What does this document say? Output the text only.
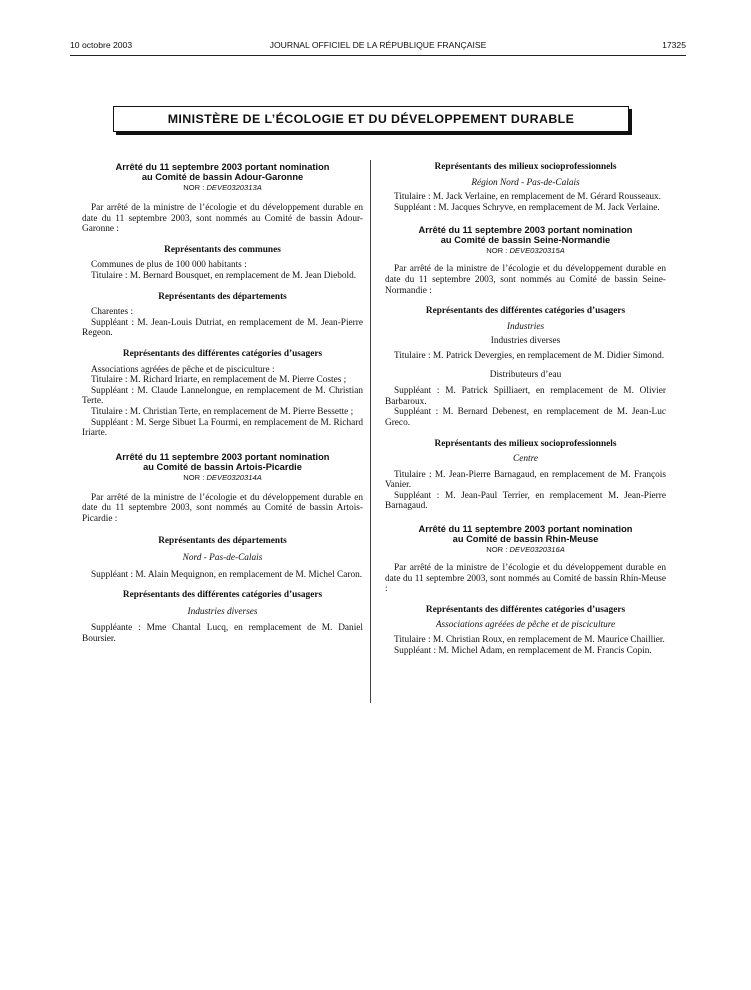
10 octobre 2003	JOURNAL OFFICIEL DE LA RÉPUBLIQUE FRANÇAISE	17325
MINISTÈRE DE L’ÉCOLOGIE ET DU DÉVELOPPEMENT DURABLE

Arrêté du 11 septembre 2003 portant nomination

au Comité de bassin Adour-Garonne

NOR : DEVE0320313A

Par arrêté de la ministre de l’écologie et du développement durable en date du 11 septembre 2003, sont nommés au Comité de bassin Adour-Garonne :

Représentants des communes

Communes de plus de 100 000 habitants :

Titulaire : M. Bernard Bousquet, en remplacement de M. Jean Diebold.

Représentants des départements

Charentes :

Suppléant : M. Jean-Louis Dutriat, en remplacement de M. Jean-Pierre Regeon.

Représentants des différentes catégories d’usagers

Associations agréées de pêche et de pisciculture :

Titulaire : M. Richard Iriarte, en remplacement de M. Pierre Costes ;

Suppléant : M. Claude Lannelongue, en remplacement de M. Christian Terte.

Titulaire : M. Christian Terte, en remplacement de M. Pierre Bessette ;

Suppléant : M. Serge Sibuet La Fourmi, en remplacement de M. Richard Iriarte.

Arrêté du 11 septembre 2003 portant nomination

au Comité de bassin Artois-Picardie

NOR : DEVE0320314A

Par arrêté de la ministre de l’écologie et du développement durable en date du 11 septembre 2003, sont nommés au Comité de bassin Artois-Picardie :

Représentants des départements

Nord - Pas-de-Calais

Suppléant : M. Alain Mequignon, en remplacement de M. Michel Caron.

Représentants des différentes catégories d’usagers

Industries diverses

Suppléante : Mme Chantal Lucq, en remplacement de M. Daniel Boursier.

Représentants des milieux socioprofessionnels

Région Nord - Pas-de-Calais

Titulaire : M. Jack Verlaine, en remplacement de M. Gérard Rousseaux.

Suppléant : M. Jacques Schryve, en remplacement de M. Jack Verlaine.

Arrêté du 11 septembre 2003 portant nomination

au Comité de bassin Seine-Normandie

NOR : DEVE0320315A

Par arrêté de la ministre de l’écologie et du développement durable en date du 11 septembre 2003, sont nommés au Comité de bassin Seine-Normandie :

Représentants des différentes catégories d’usagers

Industries

Industries diverses

Titulaire : M. Patrick Devergies, en remplacement de M. Didier Simond.

Distributeurs d’eau

Suppléant : M. Patrick Spilliaert, en remplacement de M. Olivier Barbaroux.

Suppléant : M. Bernard Debenest, en remplacement de M. Jean-Luc Greco.

Représentants des milieux socioprofessionnels

Centre

Titulaire : M. Jean-Pierre Barnagaud, en remplacement de M. François Vanier.

Suppléant : M. Jean-Paul Terrier, en remplacement M. Jean-Pierre Barnagaud.

Arrêté du 11 septembre 2003 portant nomination

au Comité de bassin Rhin-Meuse

NOR : DEVE0320316A

Par arrêté de la ministre de l’écologie et du développement durable en date du 11 septembre 2003, sont nommés au Comité de bassin Rhin-Meuse :

Représentants des différentes catégories d’usagers

Associations agréées de pêche et de pisciculture

Titulaire : M. Christian Roux, en remplacement de M. Maurice Chaillier.

Suppléant : M. Michel Adam, en remplacement de M. Francis Copin.
